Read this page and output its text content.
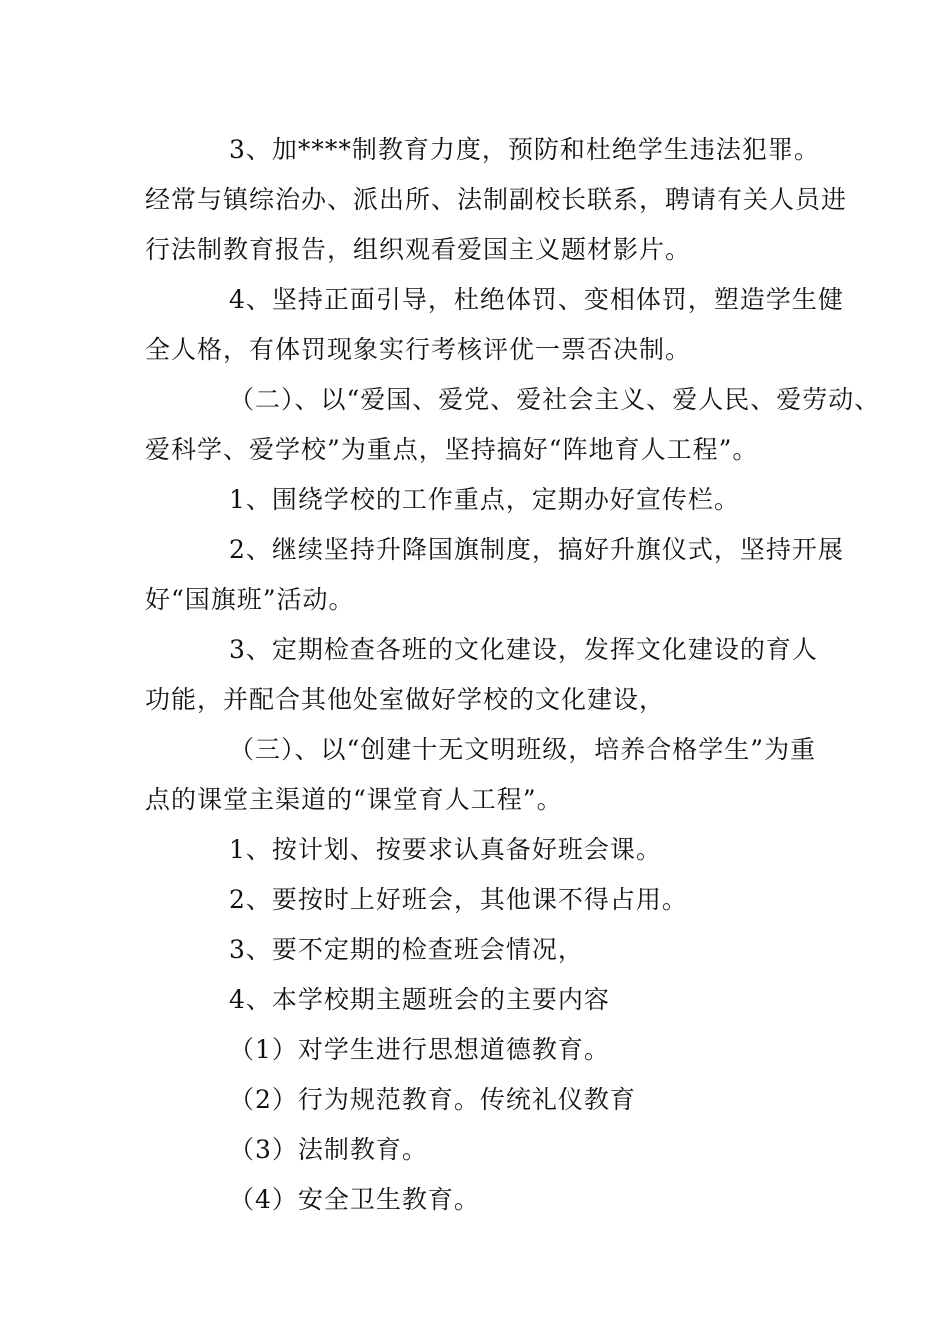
3、加****制教育力度，预防和杜绝学生违法犯罪。
经常与镇综治办、派出所、法制副校长联系，聘请有关人员进
行法制教育报告，组织观看爱国主义题材影片。
4、坚持正面引导，杜绝体罚、变相体罚，塑造学生健
全人格，有体罚现象实行考核评优一票否决制。
（二）、以“爱国、爱党、爱社会主义、爱人民、爱劳动、
爱科学、爱学校”为重点，坚持搞好“阵地育人工程”。
1、围绕学校的工作重点，定期办好宣传栏。
2、继续坚持升降国旗制度，搞好升旗仪式，坚持开展
好“国旗班”活动。
3、定期检查各班的文化建设，发挥文化建设的育人
功能，并配合其他处室做好学校的文化建设，
（三）、以“创建十无文明班级，培养合格学生”为重
点的课堂主渠道的“课堂育人工程”。
1、按计划、按要求认真备好班会课。
2、要按时上好班会，其他课不得占用。
3、要不定期的检查班会情况，
4、本学校期主题班会的主要内容
（1）对学生进行思想道德教育。
（2）行为规范教育。传统礼仪教育
（3）法制教育。
（4）安全卫生教育。
